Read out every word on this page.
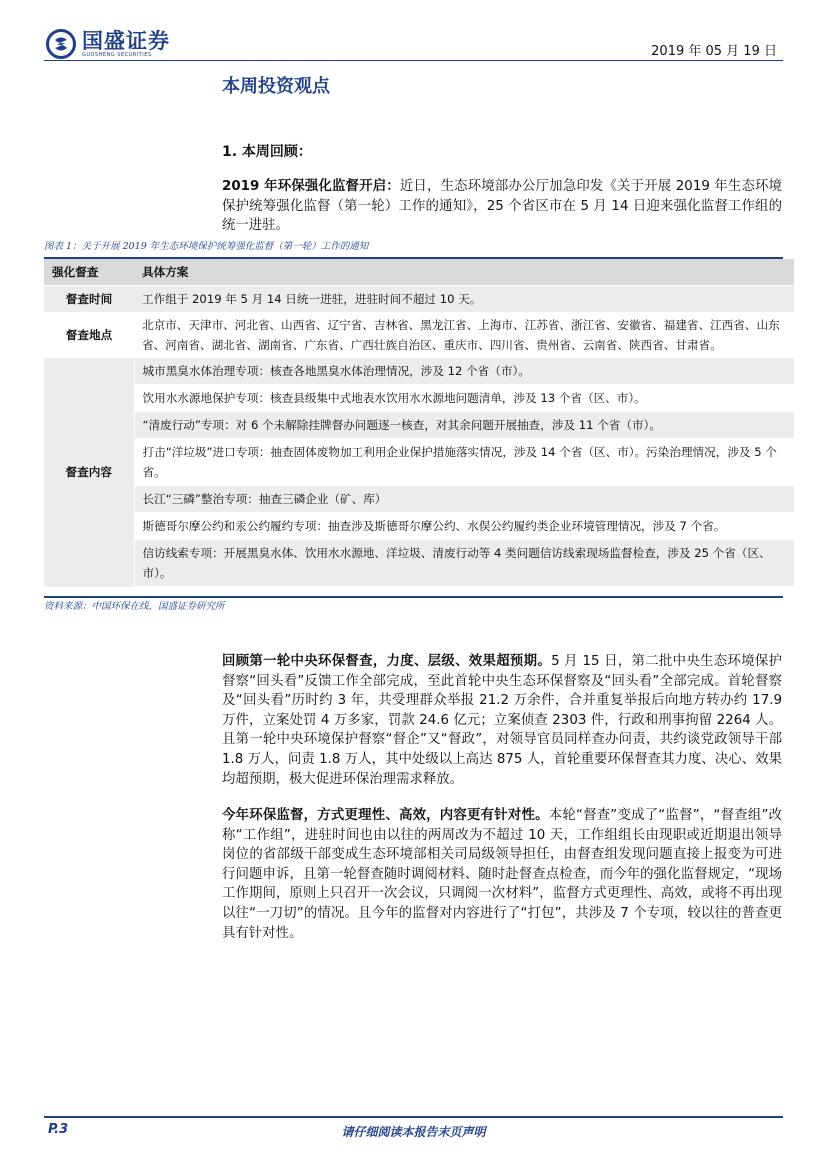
国盛证券
GUOSHENG SECURITIES	2019 年 05 月 19 日
本周投资观点
1. 本周回顾：
2019 年环保强化监督开启：近日，生态环境部办公厅加急印发《关于开展 2019 年生态环境保护统筹强化监督（第一轮）工作的通知》，25 个省区市在 5 月 14 日迎来强化监督工作组的统一进驻。
图表 1：关于开展 2019 年生态环境保护统筹强化监督（第一轮）工作的通知
强化督查	具体方案
督查时间	工作组于 2019 年 5 月 14 日统一进驻，进驻时间不超过 10 天。
督查地点	北京市、天津市、河北省、山西省、辽宁省、吉林省、黑龙江省、上海市、江苏省、浙江省、安徽省、福建省、江西省、山东省、河南省、湖北省、湖南省、广东省、广西壮族自治区、重庆市、四川省、贵州省、云南省、陕西省、甘肃省。
督查内容	城市黑臭水体治理专项：核查各地黑臭水体治理情况，涉及 12 个省（市）。
	饮用水水源地保护专项：核查县级集中式地表水饮用水水源地问题清单，涉及 13 个省（区、市）。
	“清废行动”专项：对 6 个未解除挂牌督办问题逐一核查，对其余问题开展抽查，涉及 11 个省（市）。
	打击“洋垃圾”进口专项：抽查固体废物加工利用企业保护措施落实情况，涉及 14 个省（区、市）。污染治理情况，涉及 5 个省。
	长江“三磷”整治专项：抽查三磷企业（矿、库）
	斯德哥尔摩公约和汞公约履约专项：抽查涉及斯德哥尔摩公约、水俣公约履约类企业环境管理情况，涉及 7 个省。
	信访线索专项：开展黑臭水体、饮用水水源地、洋垃圾、清废行动等 4 类问题信访线索现场监督检查，涉及 25 个省（区、市）。
资料来源：中国环保在线，国盛证券研究所
回顾第一轮中央环保督查，力度、层级、效果超预期。5 月 15 日，第二批中央生态环境保护督察“回头看”反馈工作全部完成，至此首轮中央生态环保督察及“回头看”全部完成。首轮督察及“回头看”历时约 3 年，共受理群众举报 21.2 万余件，合并重复举报后向地方转办约 17.9 万件，立案处罚 4 万多家，罚款 24.6 亿元；立案侦查 2303 件，行政和刑事拘留 2264 人。且第一轮中央环境保护督察“督企”又“督政”，对领导官员同样查办问责，共约谈党政领导干部 1.8 万人，问责 1.8 万人，其中处级以上高达 875 人，首轮重要环保督查其力度、决心、效果均超预期，极大促进环保治理需求释放。
今年环保监督，方式更理性、高效，内容更有针对性。本轮“督查”变成了“监督”，“督查组”改称“工作组”，进驻时间也由以往的两周改为不超过 10 天，工作组组长由现职或近期退出领导岗位的省部级干部变成生态环境部相关司局级领导担任，由督查组发现问题直接上报变为可进行问题申诉，且第一轮督查随时调阅材料、随时赴督查点检查，而今年的强化监督规定，“现场工作期间，原则上只召开一次会议，只调阅一次材料”，监督方式更理性、高效，或将不再出现以往“一刀切”的情况。且今年的监督对内容进行了“打包”，共涉及 7 个专项，较以往的普查更具有针对性。
P.3	请仔细阅读本报告末页声明
